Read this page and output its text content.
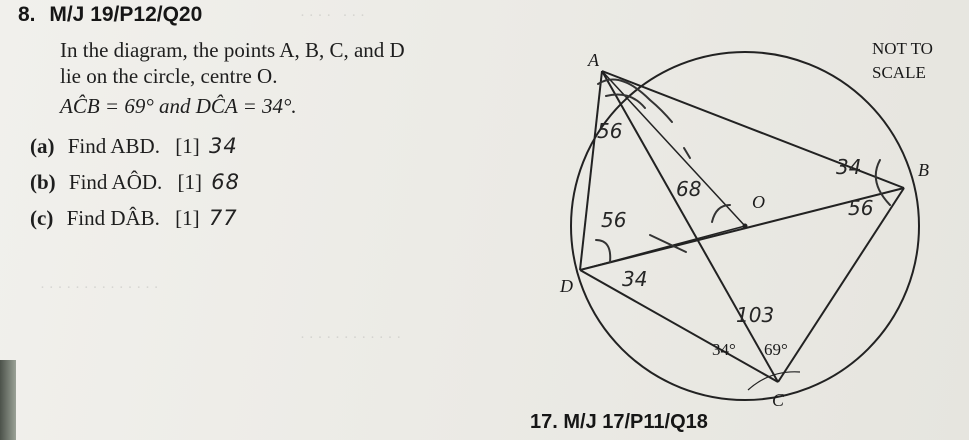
· · · ·   · · ·
· · · · · · · · · · · · · ·
· · · · · · · · · · · ·
8. M/J 19/P12/Q20
In the diagram, the points A, B, C, and D
lie on the circle, centre O.
AĈB = 69° and DĈA = 34°.
(a) Find ABD. [1] 34
(b) Find AÔD. [1] 68
(c) Find DÂB. [1] 77
A
B
C
D
O
34° 69°
NOT TO
SCALE
56
68
56
34
34
56
103
17. M/J 17/P11/Q18
